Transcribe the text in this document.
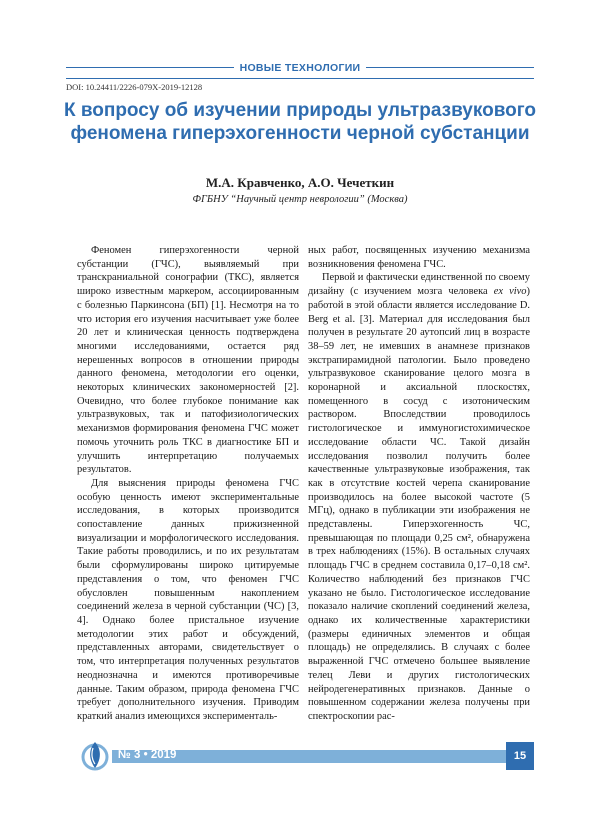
НОВЫЕ ТЕХНОЛОГИИ
DOI: 10.24411/2226-079X-2019-12128
К вопросу об изучении природы ультразвукового феномена гиперэхогенности черной субстанции
М.А. Кравченко, А.О. Чечеткин
ФГБНУ “Научный центр неврологии” (Москва)

Феномен гиперэхогенности черной субстанции (ГЧС), выявляемый при транскраниальной сонографии (ТКС), является широко известным маркером, ассоциированным с болезнью Паркинсона (БП) [1]. Несмотря на то что история его изучения насчитывает уже более 20 лет и клиническая ценность подтверждена многими исследованиями, остается ряд нерешенных вопросов в отношении природы данного феномена, методологии его оценки, некоторых клинических закономерностей [2]. Очевидно, что более глубокое понимание как ультразвуковых, так и патофизиологических механизмов формирования феномена ГЧС может помочь уточнить роль ТКС в диагностике БП и улучшить интерпретацию получаемых результатов.

Для выяснения природы феномена ГЧС особую ценность имеют экспериментальные исследования, в которых производится сопоставление данных прижизненной визуализации и морфологического исследования. Такие работы проводились, и по их результатам были сформулированы широко цитируемые представления о том, что феномен ГЧС обусловлен повышенным накоплением соединений железа в черной субстанции (ЧС) [3, 4]. Однако более пристальное изучение методологии этих работ и обсуждений, представленных авторами, свидетельствует о том, что интерпретация полученных результатов неоднозначна и имеются противоречивые данные. Таким образом, природа феномена ГЧС требует дополнительного изучения. Приводим краткий анализ имеющихся эксперименталь-

ных работ, посвященных изучению механизма возникновения феномена ГЧС.

Первой и фактически единственной по своему дизайну (с изучением мозга человека ex vivo) работой в этой области является исследование D. Berg et al. [3]. Материал для исследования был получен в результате 20 аутопсий лиц в возрасте 38–59 лет, не имевших в анамнезе признаков экстрапирамидной патологии. Было проведено ультразвуковое сканирование целого мозга в коронарной и аксиальной плоскостях, помещенного в сосуд с изотоническим раствором. Впоследствии проводилось гистологическое и иммуногистохимическое исследование области ЧС. Такой дизайн исследования позволил получить более качественные ультразвуковые изображения, так как в отсутствие костей черепа сканирование производилось на более высокой частоте (5 МГц), однако в публикации эти изображения не представлены. Гиперэхогенность ЧС, превышающая по площади 0,25 см², обнаружена в трех наблюдениях (15%). В остальных случаях площадь ГЧС в среднем составила 0,17–0,18 см². Количество наблюдений без признаков ГЧС указано не было. Гистологическое исследование показало наличие скоплений соединений железа, однако их количественные характеристики (размеры единичных элементов и общая площадь) не определялись. В случаях с более выраженной ГЧС отмечено большее выявление телец Леви и других гистологических нейродегенеративных признаков. Данные о повышенном содержании железа получены при спектроскопии рас-

№ 3 • 2019	15
